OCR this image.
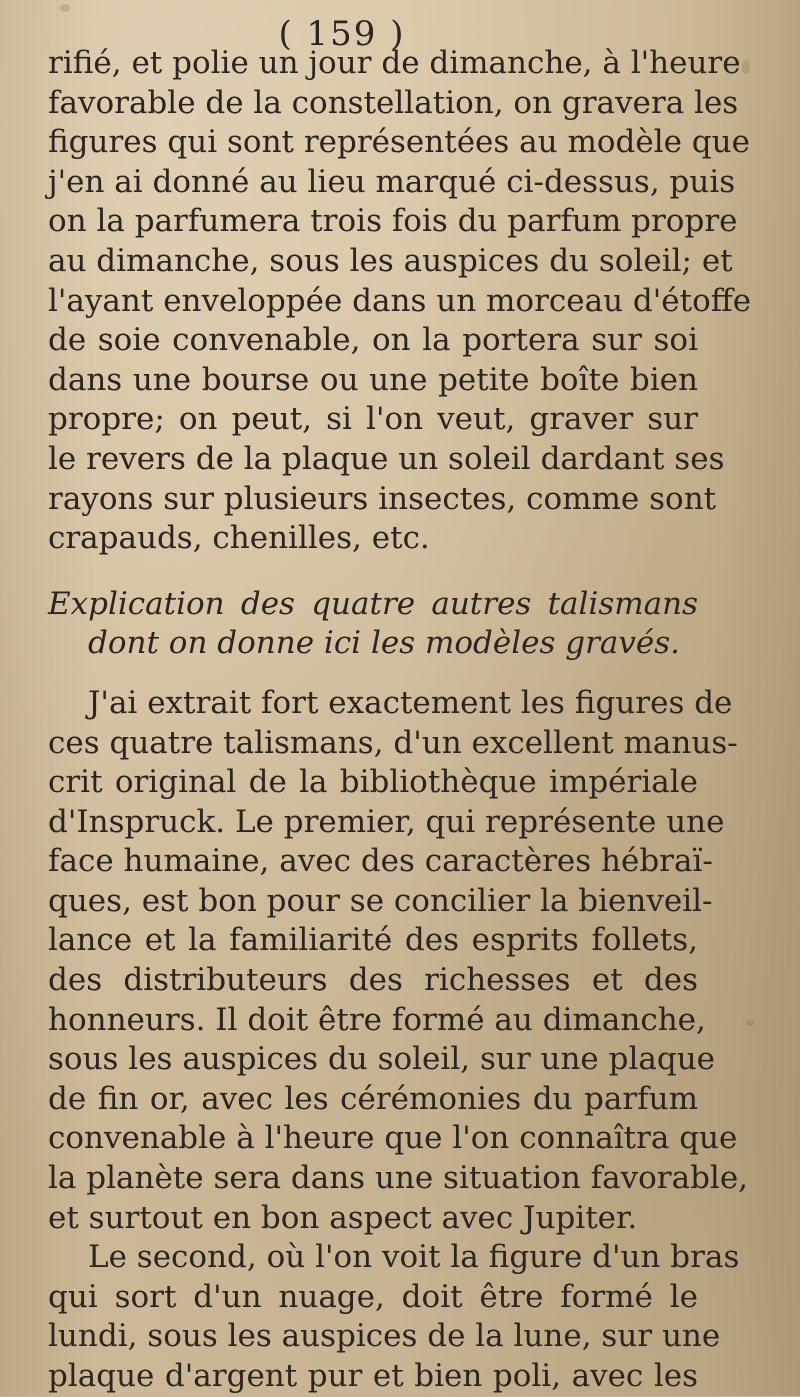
( 159 )
rifié, et polie un jour de dimanche, à l'heure
favorable de la constellation, on gravera les
figures qui sont représentées au modèle que
j'en ai donné au lieu marqué ci-dessus, puis
on la parfumera trois fois du parfum propre
au dimanche, sous les auspices du soleil; et
l'ayant enveloppée dans un morceau d'étoffe
de soie convenable, on la portera sur soi
dans une bourse ou une petite boîte bien
propre; on peut, si l'on veut, graver sur
le revers de la plaque un soleil dardant ses
rayons sur plusieurs insectes, comme sont
crapauds, chenilles, etc.
Explication des quatre autres talismans
dont on donne ici les modèles gravés.
J'ai extrait fort exactement les figures de
ces quatre talismans, d'un excellent manus-
crit original de la bibliothèque impériale
d'Inspruck. Le premier, qui représente une
face humaine, avec des caractères hébraï-
ques, est bon pour se concilier la bienveil-
lance et la familiarité des esprits follets,
des distributeurs des richesses et des
honneurs. Il doit être formé au dimanche,
sous les auspices du soleil, sur une plaque
de fin or, avec les cérémonies du parfum
convenable à l'heure que l'on connaîtra que
la planète sera dans une situation favorable,
et surtout en bon aspect avec Jupiter.
Le second, où l'on voit la figure d'un bras
qui sort d'un nuage, doit être formé le
lundi, sous les auspices de la lune, sur une
plaque d'argent pur et bien poli, avec les
